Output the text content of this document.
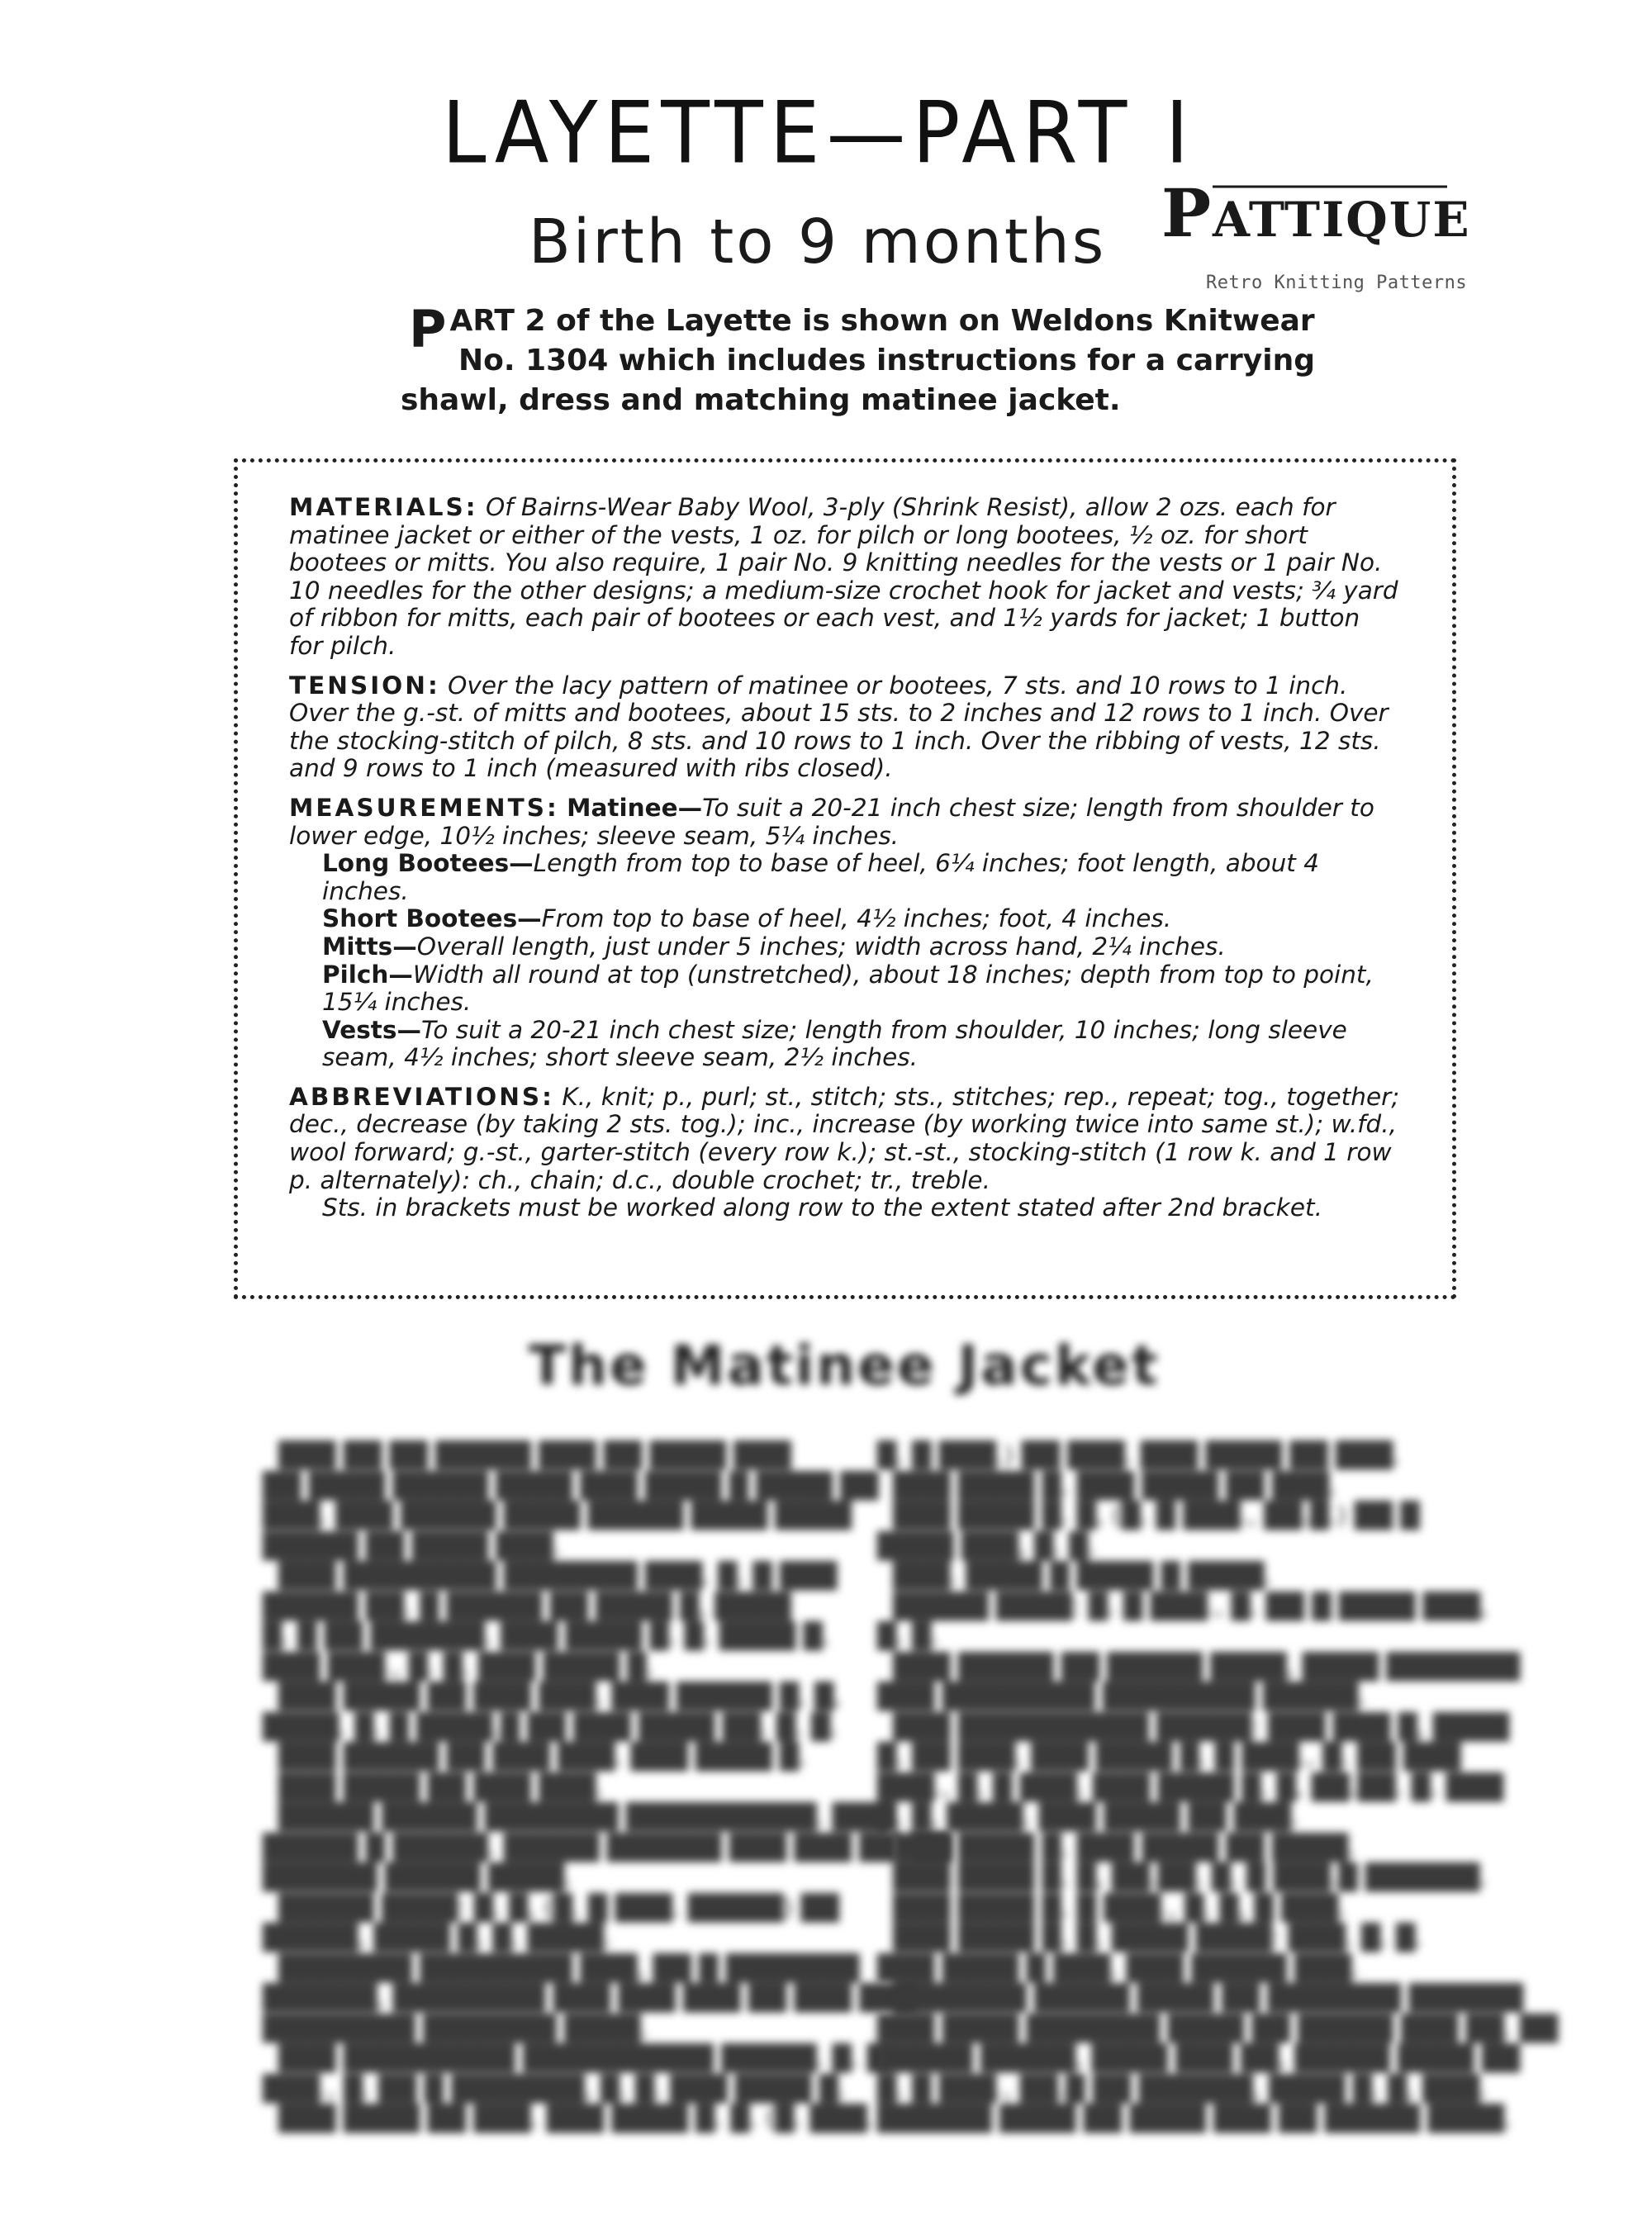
LAYETTE—PART I
Birth to 9 months P ATTIQUE
Retro Knitting Patterns
P ART 2 of the Layette is shown on Weldons Knitwear
No. 1304 which includes instructions for a carrying
shawl, dress and matching matinee jacket.
MATERIALS: Of Bairns-Wear Baby Wool, 3-ply (Shrink Resist), allow 2 ozs. each for matinee jacket or either of the vests, 1 oz. for pilch or long bootees, ½ oz. for short bootees or mitts. You also require, 1 pair No. 9 knitting needles for the vests or 1 pair No. 10 needles for the other designs; a medium-size crochet hook for jacket and vests; ¾ yard of ribbon for mitts, each pair of bootees or each vest, and 1½ yards for jacket; 1 button for pilch.
TENSION: Over the lacy pattern of matinee or bootees, 7 sts. and 10 rows to 1 inch. Over the g.-st. of mitts and bootees, about 15 sts. to 2 inches and 12 rows to 1 inch. Over the stocking-stitch of pilch, 8 sts. and 10 rows to 1 inch. Over the ribbing of vests, 12 sts. and 9 rows to 1 inch (measured with ribs closed).
MEASUREMENTS: Matinee—To suit a 20-21 inch chest size; length from shoulder to lower edge, 10½ inches; sleeve seam, 5¼ inches.
Long Bootees—Length from top to base of heel, 6¼ inches; foot length, about 4 inches.
Short Bootees—From top to base of heel, 4½ inches; foot, 4 inches.
Mitts—Overall length, just under 5 inches; width across hand, 2¼ inches.
Pilch—Width all round at top (unstretched), about 18 inches; depth from top to point, 15¼ inches.
Vests—To suit a 20-21 inch chest size; length from shoulder, 10 inches; long sleeve seam, 4½ inches; short sleeve seam, 2½ inches.
ABBREVIATIONS: K., knit; p., purl; st., stitch; sts., stitches; rep., repeat; tog., together; dec., decrease (by taking 2 sts. tog.); inc., increase (by working twice into same st.); w.fd., wool forward; g.-st., garter-stitch (every row k.); st.-st., stocking-stitch (1 row k. and 1 row p. alternately): ch., chain; d.c., double crochet; tr., treble.
Sts. in brackets must be worked along row to the extent stated after 2nd bracket.
The Matinee Jacket

███ ██ ██ █████ ███ ██ ████ ███

██ ████ █████ ████ ███ ████ █ ████ ██

███. ███ █████ ████ █████ ████ ████

█████ ██ ████ ███.

███ ████████ ███████ ███. █. █ ███

█████ ██. █ █████ ██ ████ █, ████

█. █ ██ ██████. ███ ████ █. █. ████ █.

███ ███., █. █. ███ ████ █.

███ ████ ██ ███ ███. ███ █████ █. █,

████. █. █ ████.█ ██ ███ ████ ██. █. █.

███ █████ ██ ███ ███. ███ ████ █.

███ ████ ██ ███ ███.

█████ █████ ███████ ██████████. ███.

█████ █ █████. █████ ██████ ███ ███ ██. ██

██████ █████ ████.

█████ ████: █. █, (█. █ ███. █████) ██

█████, ████ █. █. ████.

███████ ████████ ███, ██ █ ███████

██████, ████████ ███ ███ ███ ██ ███ ███

████████ ███████ ████.

███ █████████ ██████████ █████. █. █

███., █. ██ █ ███████, █. █. ███ ████ █.

███ ████ ██ ███. ███ ████ █. █. (█. ███.

█. █ ███.) ██ ███. ███ ████ ██ ███.

███ ████ █. ███ ████ ██ ███.

███ ████ █. █, (█. █ ███., ██.█.) ██ █

████ ███, █. █.

███. ████ █ ████ █ ████.

█████ ████: █. █ ███., █. ██ █ ████ ███,

█. █.

███ █████ ██ █████ ████, ████ ███████

███ ████████ ████████ █████.

███ ██████████ █████: ███ ███ █, ████

█. ██ ███. ███ ████ █. █ ███., █. ██ ███

███., █. █ ███. ███ ████ █. █, ██.██. █. ███

█. █, ████. ███ ████ ██ ███.

███ ████ █. ███ ████ ██ ████.

███ ████ █. █, ██.██. █. █ ███.█ ██████.

███ ████ █. █ ███., █. █, █ ███.

███ ████ █. █. ████ ████: ███. █. █.

███ ████ █ ███. ███ █████ ███.

███████ █████ ████ ██ ███████ ██████

███ ████ ███████ ████ ██ █████ ███ ██. ██

█████ █████, ████ ███ ██, █████ ████ ██

█. █ ███., ██.█ ██ ██████, ████ █. █, ███.

██████ ████ ██ ████ ███ ██ █████ ████.
